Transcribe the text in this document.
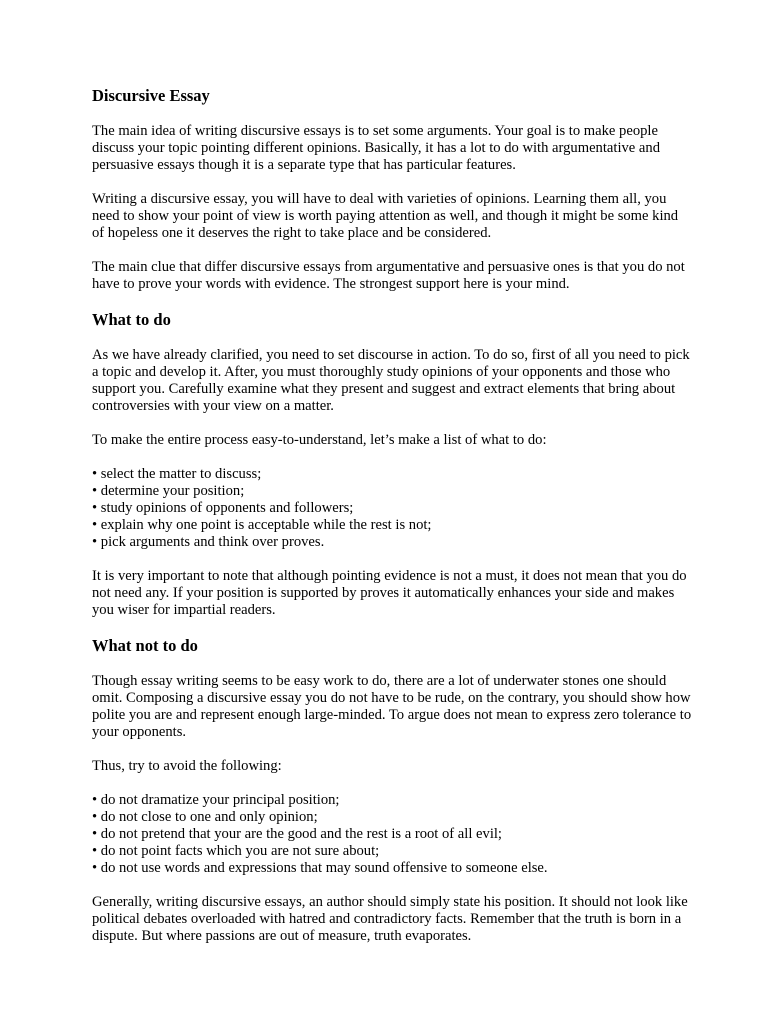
Discursive Essay

The main idea of writing discursive essays is to set some arguments. Your goal is to make people discuss your topic pointing different opinions. Basically, it has a lot to do with argumentative and persuasive essays though it is a separate type that has particular features.

Writing a discursive essay, you will have to deal with varieties of opinions. Learning them all, you need to show your point of view is worth paying attention as well, and though it might be some kind of hopeless one it deserves the right to take place and be considered.

The main clue that differ discursive essays from argumentative and persuasive ones is that you do not have to prove your words with evidence. The strongest support here is your mind.

What to do

As we have already clarified, you need to set discourse in action. To do so, first of all you need to pick a topic and develop it. After, you must thoroughly study opinions of your opponents and those who support you. Carefully examine what they present and suggest and extract elements that bring about controversies with your view on a matter.

To make the entire process easy-to-understand, let’s make a list of what to do:

• select the matter to discuss;
• determine your position;
• study opinions of opponents and followers;
• explain why one point is acceptable while the rest is not;
• pick arguments and think over proves.

It is very important to note that although pointing evidence is not a must, it does not mean that you do not need any. If your position is supported by proves it automatically enhances your side and makes you wiser for impartial readers.

What not to do

Though essay writing seems to be easy work to do, there are a lot of underwater stones one should omit. Composing a discursive essay you do not have to be rude, on the contrary, you should show how polite you are and represent enough large-minded. To argue does not mean to express zero tolerance to your opponents.

Thus, try to avoid the following:

• do not dramatize your principal position;
• do not close to one and only opinion;
• do not pretend that your are the good and the rest is a root of all evil;
• do not point facts which you are not sure about;
• do not use words and expressions that may sound offensive to someone else.

Generally, writing discursive essays, an author should simply state his position. It should not look like political debates overloaded with hatred and contradictory facts. Remember that the truth is born in a dispute. But where passions are out of measure, truth evaporates.
